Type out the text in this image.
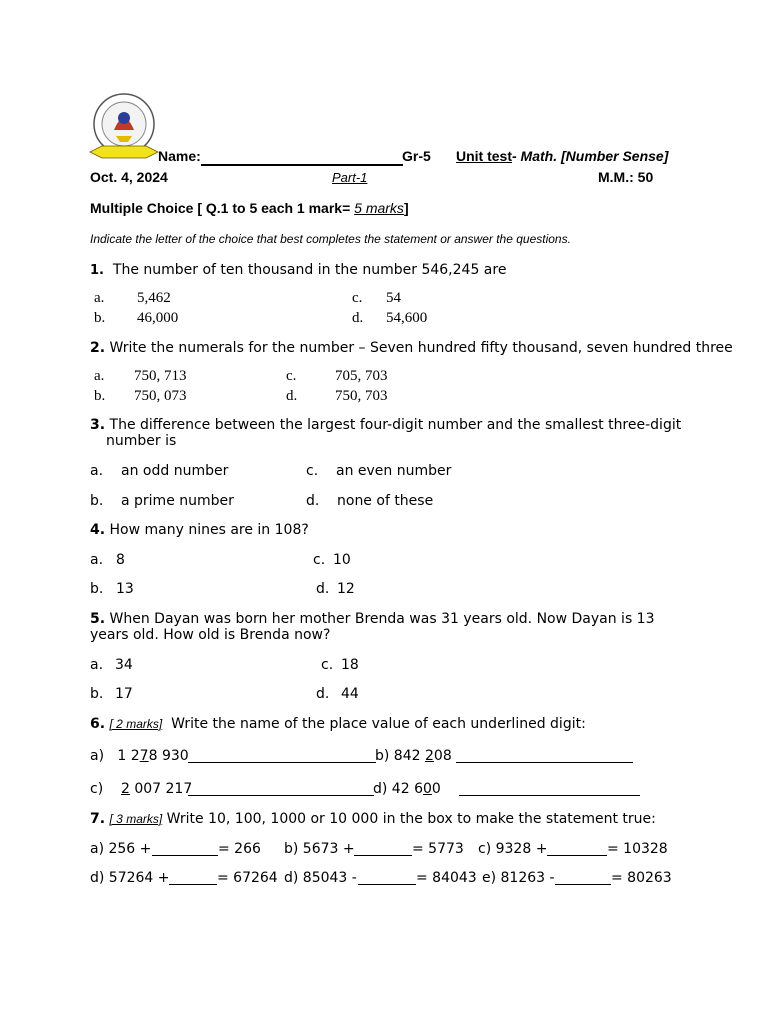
Name:	Gr-5 Unit test- Math. [Number Sense]
Oct. 4, 2024	Part-1	M.M.: 50
Multiple Choice [ Q.1 to 5 each 1 mark= 5 marks]
Indicate the letter of the choice that best completes the statement or answer the questions.
1. The number of ten thousand in the number 546,245 are
a. 5,462
b. 46,000
c. 54
d. 54,600
2. Write the numerals for the number – Seven hundred fifty thousand, seven hundred three
a. 750, 713
b. 750, 073
c.	705, 703
d.	750, 703
3. The difference between the largest four-digit number and the smallest three-digit
number is
a. an odd number	c. an even number
b. a prime number	d. none of these
4. How many nines are in 108?
a. 8	c. 10
b. 13	d. 12
5. When Dayan was born her mother Brenda was 31 years old. Now Dayan is 13
years old. How old is Brenda now?
a. 34	c. 18
b. 17	d. 44
6. [ 2 marks] Write the name of the place value of each underlined digit:
a) 1 278 930	b) 842 208
c) 2 007 217	d) 42 600
7. [ 3 marks] Write 10, 100, 1000 or 10 000 in the box to make the statement true:
a) 256 +	= 266 b) 5673 +	= 5773 c) 9328 +	= 10328
d) 57264 +	= 67264 d) 85043 -	= 84043 e) 81263 -	= 80263
